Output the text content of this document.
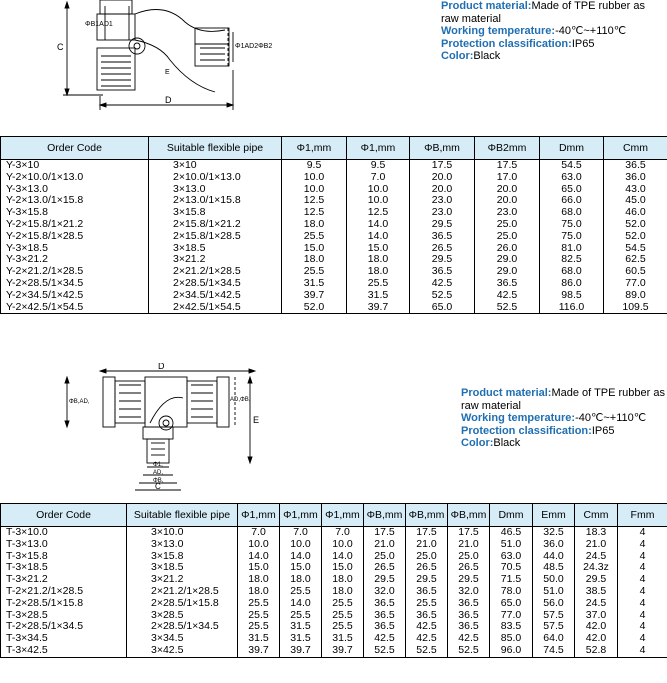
C
D
ΦB1AD1
Φ1AD2ΦB2
E
Product material:Made of TPE rubber as raw material
Working temperature:-40℃~+110℃
Protection classification:IP65
Color:Black
Order Code	Suitable flexible pipe	Φ1,mm	Φ1,mm	ΦB,mm	ΦB2mm	Dmm	Cmm
Y-3×10	3×10	9.5	9.5	17.5	17.5	54.5	36.5
Y-2×10.0/1×13.0	2×10.0/1×13.0	10.0	7.0	20.0	17.0	63.0	36.0
Y-3×13.0	3×13.0	10.0	10.0	20.0	20.0	65.0	43.0
Y-2×13.0/1×15.8	2×13.0/1×15.8	12.5	10.0	23.0	20.0	66.0	45.0
Y-3×15.8	3×15.8	12.5	12.5	23.0	23.0	68.0	46.0
Y-2×15.8/1×21.2	2×15.8/1×21.2	18.0	14.0	29.5	25.0	75.0	52.0
Y-2×15.8/1×28.5	2×15.8/1×28.5	25.5	14.0	36.5	25.0	75.0	52.0
Y-3×18.5	3×18.5	15.0	15.0	26.5	26.0	81.0	54.5
Y-3×21.2	3×21.2	18.0	18.0	29.5	29.0	82.5	62.5
Y-2×21.2/1×28.5	2×21.2/1×28.5	25.5	18.0	36.5	29.0	68.0	60.5
Y-2×28.5/1×34.5	2×28.5/1×34.5	31.5	25.5	42.5	36.5	86.0	77.0
Y-2×34.5/1×42.5	2×34.5/1×42.5	39.7	31.5	52.5	42.5	98.5	89.0
Y-2×42.5/1×54.5	2×42.5/1×54.5	52.0	39.7	65.0	52.5	116.0	109.5
D
E
ΦB,AD,	AD,ΦB,
Φ1,
AD,
ΦB,
C
Product material:Made of TPE rubber as raw material
Working temperature:-40℃~+110℃
Protection classification:IP65
Color:Black
Order Code	Suitable flexible pipe	Φ1,mm	Φ1,mm	Φ1,mm	ΦB,mm	ΦB,mm	ΦB,mm	Dmm	Emm	Cmm	Fmm
T-3×10.0	3×10.0	7.0	7.0	7.0	17.5	17.5	17.5	46.5	32.5	18.3	4
T-3×13.0	3×13.0	10.0	10.0	10.0	21.0	21.0	21.0	51.0	36.0	21.0	4
T-3×15.8	3×15.8	14.0	14.0	14.0	25.0	25.0	25.0	63.0	44.0	24.5	4
T-3×18.5	3×18.5	15.0	15.0	15.0	26.5	26.5	26.5	70.5	48.5	24.3z	4
T-3×21.2	3×21.2	18.0	18.0	18.0	29.5	29.5	29.5	71.5	50.0	29.5	4
T-2×21.2/1×28.5	2×21.2/1×28.5	18.0	25.5	18.0	32.0	36.5	32.0	78.0	51.0	38.5	4
T-2×28.5/1×15.8	2×28.5/1×15.8	25.5	14.0	25.5	36.5	25.5	36.5	65.0	56.0	24.5	4
T-3×28.5	3×28.5	25.5	25.5	25.5	36.5	36.5	36.5	77.0	57.5	37.0	4
T-2×28.5/1×34.5	2×28.5/1×34.5	25.5	31.5	25.5	36.5	42.5	36.5	83.5	57.5	42.0	4
T-3×34.5	3×34.5	31.5	31.5	31.5	42.5	42.5	42.5	85.0	64.0	42.0	4
T-3×42.5	3×42.5	39.7	39.7	39.7	52.5	52.5	52.5	96.0	74.5	52.8	4
